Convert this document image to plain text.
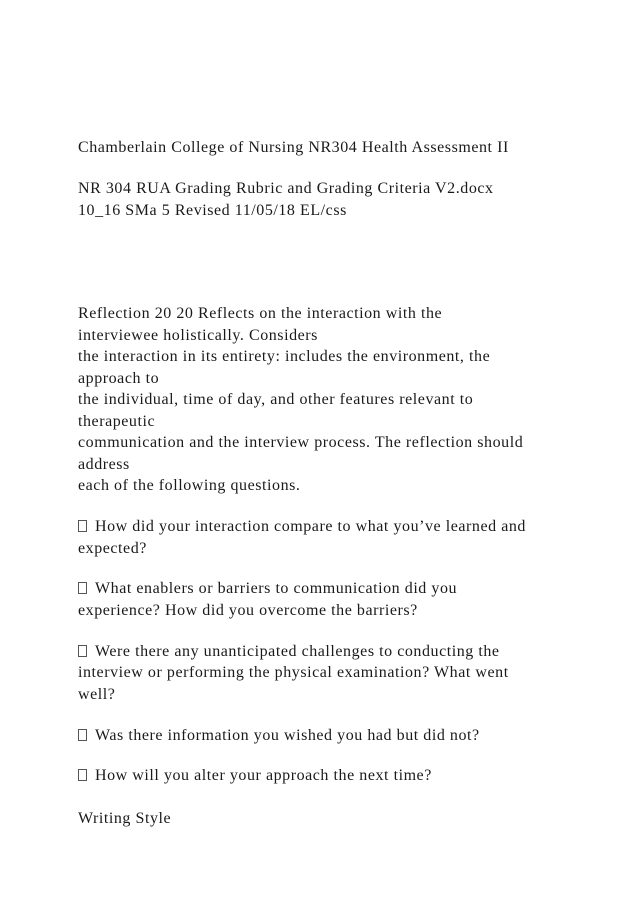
Chamberlain College of Nursing NR304 Health Assessment II
NR 304 RUA Grading Rubric and Grading Criteria V2.docx
10_16 SMa 5 Revised 11/05/18 EL/css
Reflection 20 20 Reflects on the interaction with the
interviewee holistically. Considers
the interaction in its entirety: includes the environment, the
approach to
the individual, time of day, and other features relevant to
therapeutic
communication and the interview process. The reflection should
address
each of the following questions.
How did your interaction compare to what you’ve learned and
expected?
What enablers or barriers to communication did you
experience? How did you overcome the barriers?
Were there any unanticipated challenges to conducting the
interview or performing the physical examination? What went
well?
Was there information you wished you had but did not?
How will you alter your approach the next time?
Writing Style
